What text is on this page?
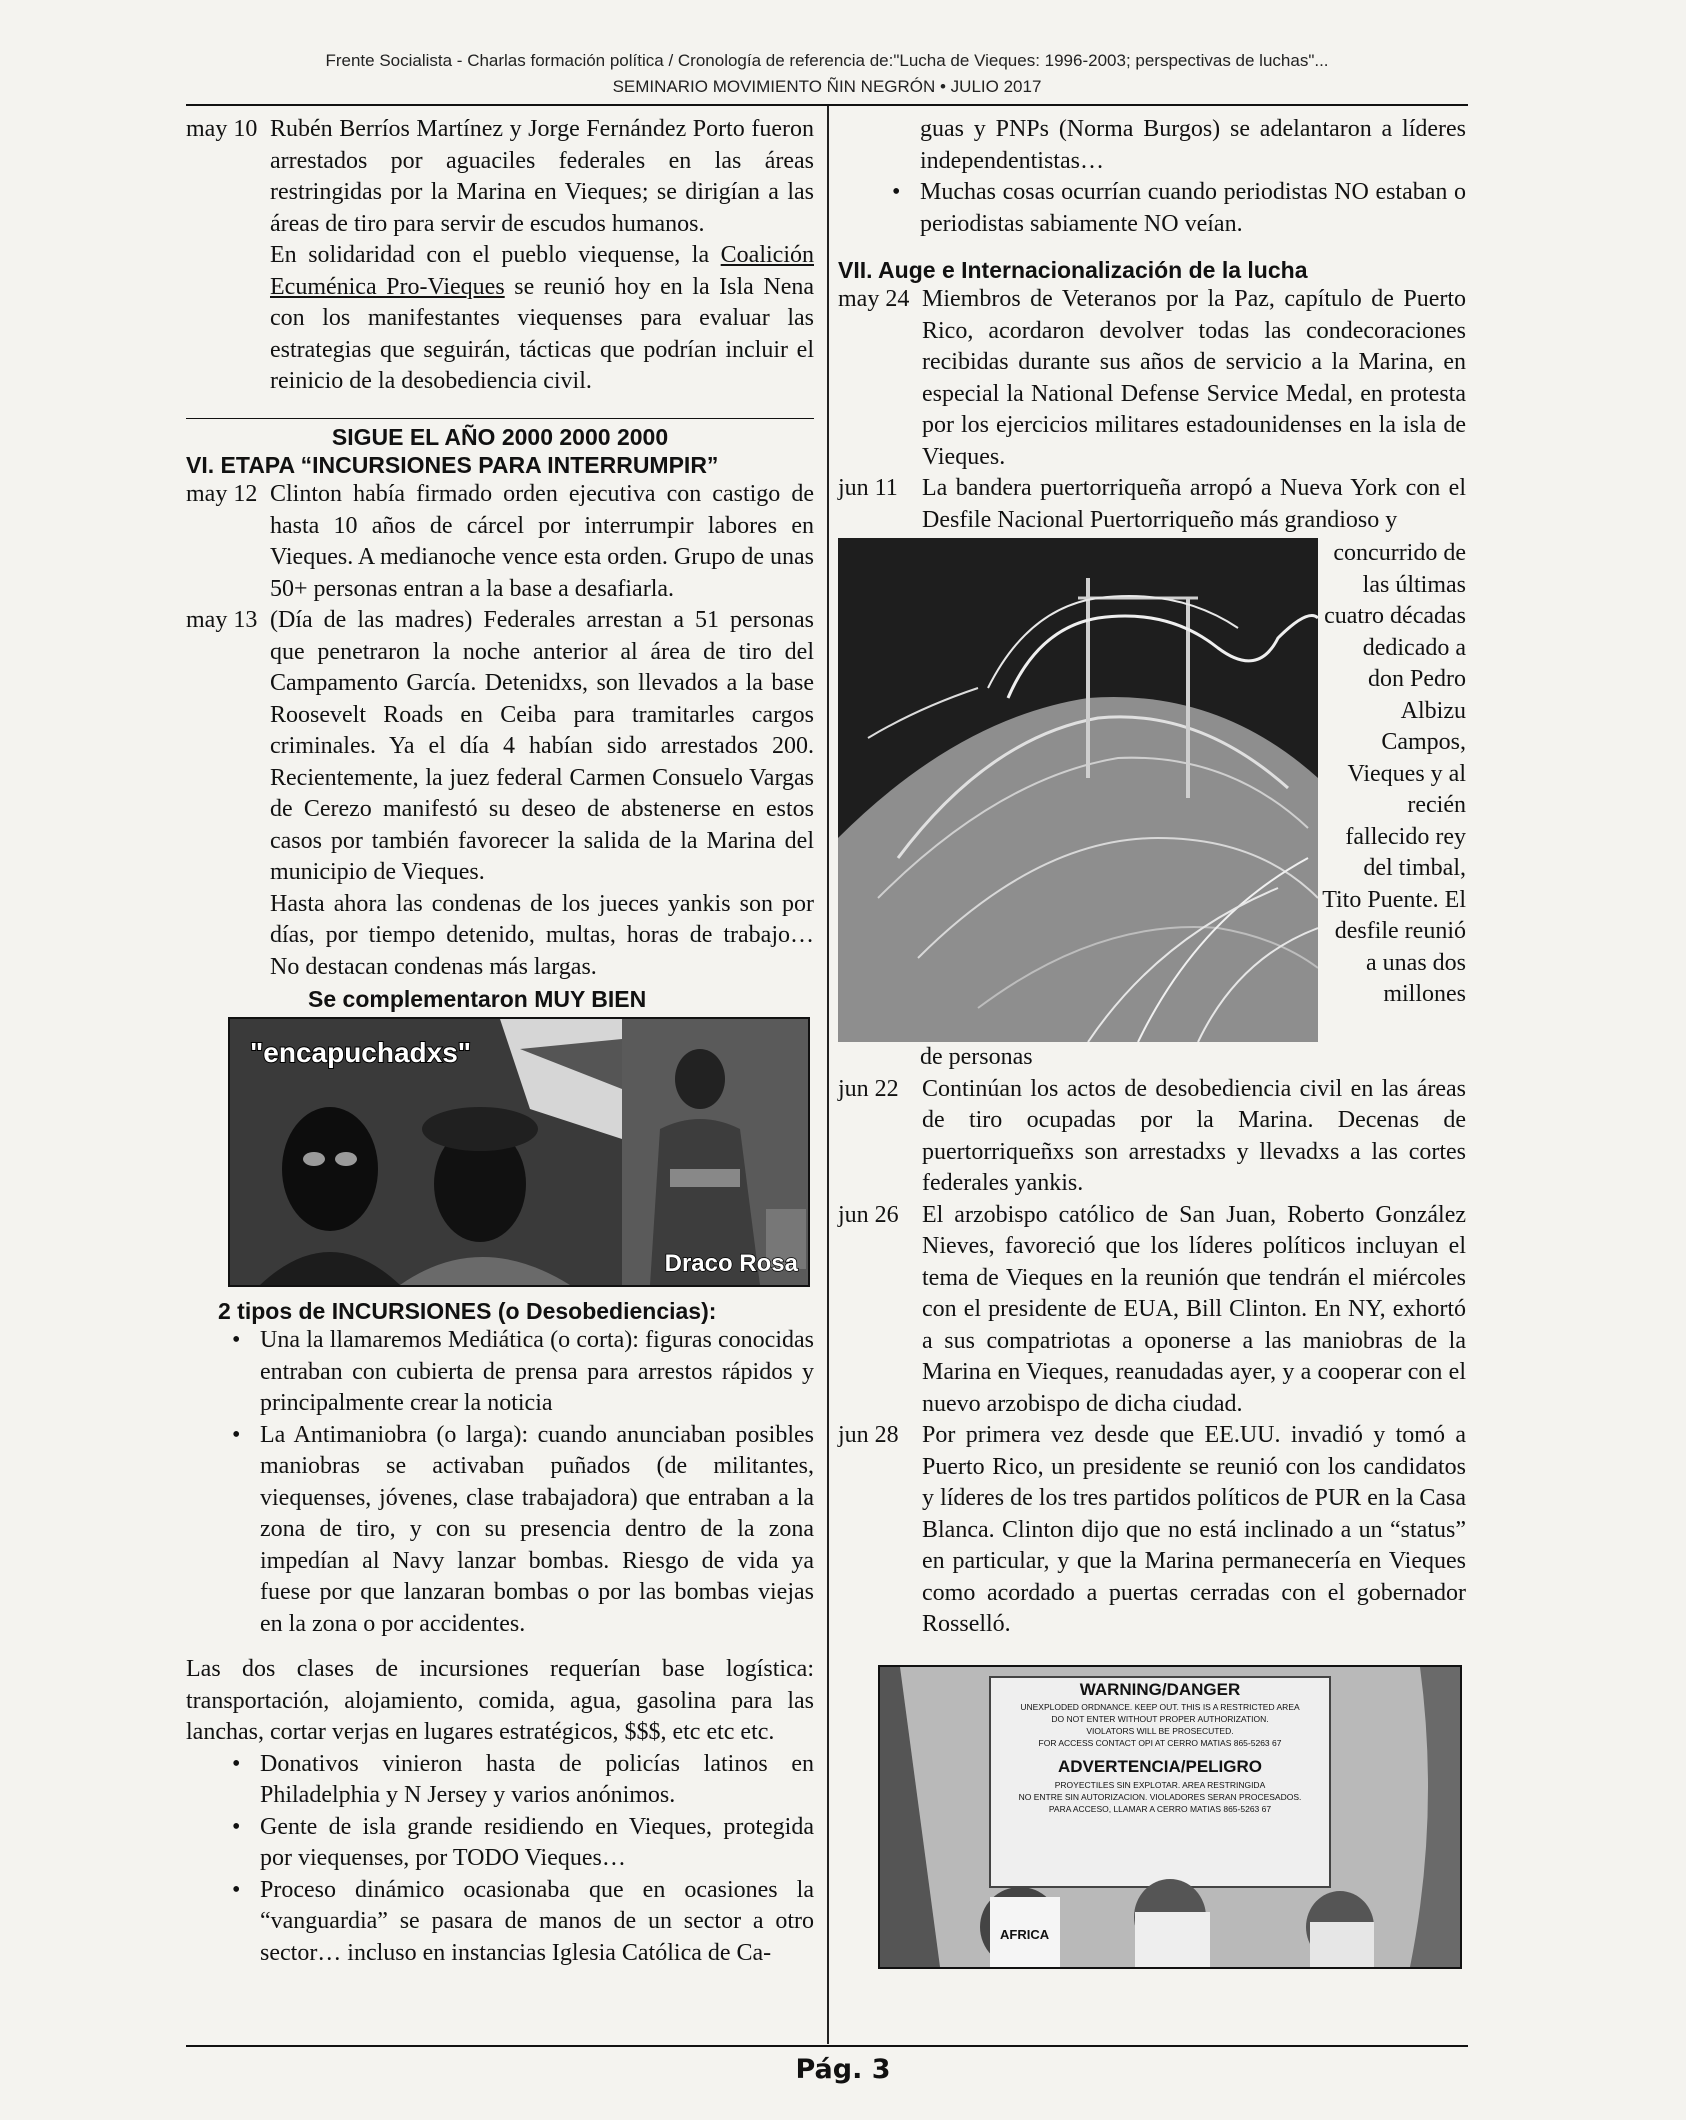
Frente Socialista - Charlas formación política / Cronología de referencia de:"Lucha de Vieques: 1996-2003; perspectivas de luchas"...
SEMINARIO MOVIMIENTO ÑIN NEGRÓN • JULIO 2017
may 10 Rubén Berríos Martínez y Jorge Fernández Porto fueron arrestados por aguaciles federales en las áreas restringidas por la Marina en Vieques; se dirigían a las áreas de tiro para servir de escudos humanos.

En solidaridad con el pueblo viequense, la Coalición Ecuménica Pro-Vieques se reunió hoy en la Isla Nena con los manifestantes viequenses para evaluar las estrategias que seguirán, tácticas que podrían incluir el reinicio de la desobediencia civil.

SIGUE EL AÑO 2000 2000 2000
VI. ETAPA “INCURSIONES PARA INTERRUMPIR”
may 12 Clinton había firmado orden ejecutiva con castigo de hasta 10 años de cárcel por interrumpir labores en Vieques. A medianoche vence esta orden. Grupo de unas 50+ personas entran a la base a desafiarla.

may 13 (Día de las madres) Federales arrestan a 51 personas que penetraron la noche anterior al área de tiro del Campamento García. Detenidxs, son llevados a la base Roosevelt Roads en Ceiba para tramitarles cargos criminales. Ya el día 4 habían sido arrestados 200. Recientemente, la juez federal Carmen Consuelo Vargas de Cerezo manifestó su deseo de abstenerse en estos casos por también favorecer la salida de la Marina del municipio de Vieques.

Hasta ahora las condenas de los jueces yankis son por días, por tiempo detenido, multas, horas de trabajo… No destacan condenas más largas.

Se complementaron MUY BIEN
"encapuchadxs"
Draco Rosa
2 tipos de INCURSIONES (o Desobediencias):
• Una la llamaremos Mediática (o corta): figuras conocidas entraban con cubierta de prensa para arrestos rápidos y principalmente crear la noticia
• La Antimaniobra (o larga): cuando anunciaban posibles maniobras se activaban puñados (de militantes, viequenses, jóvenes, clase trabajadora) que entraban a la zona de tiro, y con su presencia dentro de la zona impedían al Navy lanzar bombas. Riesgo de vida ya fuese por que lanzaran bombas o por las bombas viejas en la zona o por accidentes.

Las dos clases de incursiones requerían base logística: transportación, alojamiento, comida, agua, gasolina para las lanchas, cortar verjas en lugares estratégicos, $$$, etc etc etc.

• Donativos vinieron hasta de policías latinos en Philadelphia y N Jersey y varios anónimos.
• Gente de isla grande residiendo en Vieques, protegida por viequenses, por TODO Vieques…
• Proceso dinámico ocasionaba que en ocasiones la “vanguardia” se pasara de manos de un sector a otro sector… incluso en instancias Iglesia Católica de Ca-

guas y PNPs (Norma Burgos) se adelantaron a líderes independentistas…

• Muchas cosas ocurrían cuando periodistas NO estaban o periodistas sabiamente NO veían.
VII. Auge e Internacionalización de la lucha
may 24 Miembros de Veteranos por la Paz, capítulo de Puerto Rico, acordaron devolver todas las condecoraciones recibidas durante sus años de servicio a la Marina, en especial la National Defense Service Medal, en protesta por los ejercicios militares estadounidenses en la isla de Vieques.

jun 11	La bandera puertorriqueña arropó a Nueva York con el Desfile Nacional Puertorriqueño más grandioso y

concurrido de las últimas cuatro décadas dedicado a don Pedro Albizu Campos, Vieques y al recién fallecido rey del timbal, Tito Puente. El desfile reunió a unas dos millones

de personas

jun 22 Continúan los actos de desobediencia civil en las áreas de tiro ocupadas por la Marina. Decenas de puertorriqueñxs son arrestadxs y llevadxs a las cortes federales yankis.

jun 26 El arzobispo católico de San Juan, Roberto González Nieves, favoreció que los líderes políticos incluyan el tema de Vieques en la reunión que tendrán el miércoles con el presidente de EUA, Bill Clinton. En NY, exhortó a sus compatriotas a oponerse a las maniobras de la Marina en Vieques, reanudadas ayer, y a cooperar con el nuevo arzobispo de dicha ciudad.

jun 28 Por primera vez desde que EE.UU. invadió y tomó a Puerto Rico, un presidente se reunió con los candidatos y líderes de los tres partidos políticos de PUR en la Casa Blanca. Clinton dijo que no está inclinado a un “status” en particular, y que la Marina permanecería en Vieques como acordado a puertas cerradas con el gobernador Rosselló.

WARNING/DANGER
UNEXPLODED ORDNANCE. KEEP OUT. THIS IS A RESTRICTED AREA
DO NOT ENTER WITHOUT PROPER AUTHORIZATION.
VIOLATORS WILL BE PROSECUTED.
FOR ACCESS CONTACT OPI AT CERRO MATIAS 865-5263 67
ADVERTENCIA/PELIGRO
PROYECTILES SIN EXPLOTAR. AREA RESTRINGIDA
NO ENTRE SIN AUTORIZACION. VIOLADORES SERAN PROCESADOS.
PARA ACCESO, LLAMAR A CERRO MATIAS 865-5263 67
AFRICA
Pág. 3
